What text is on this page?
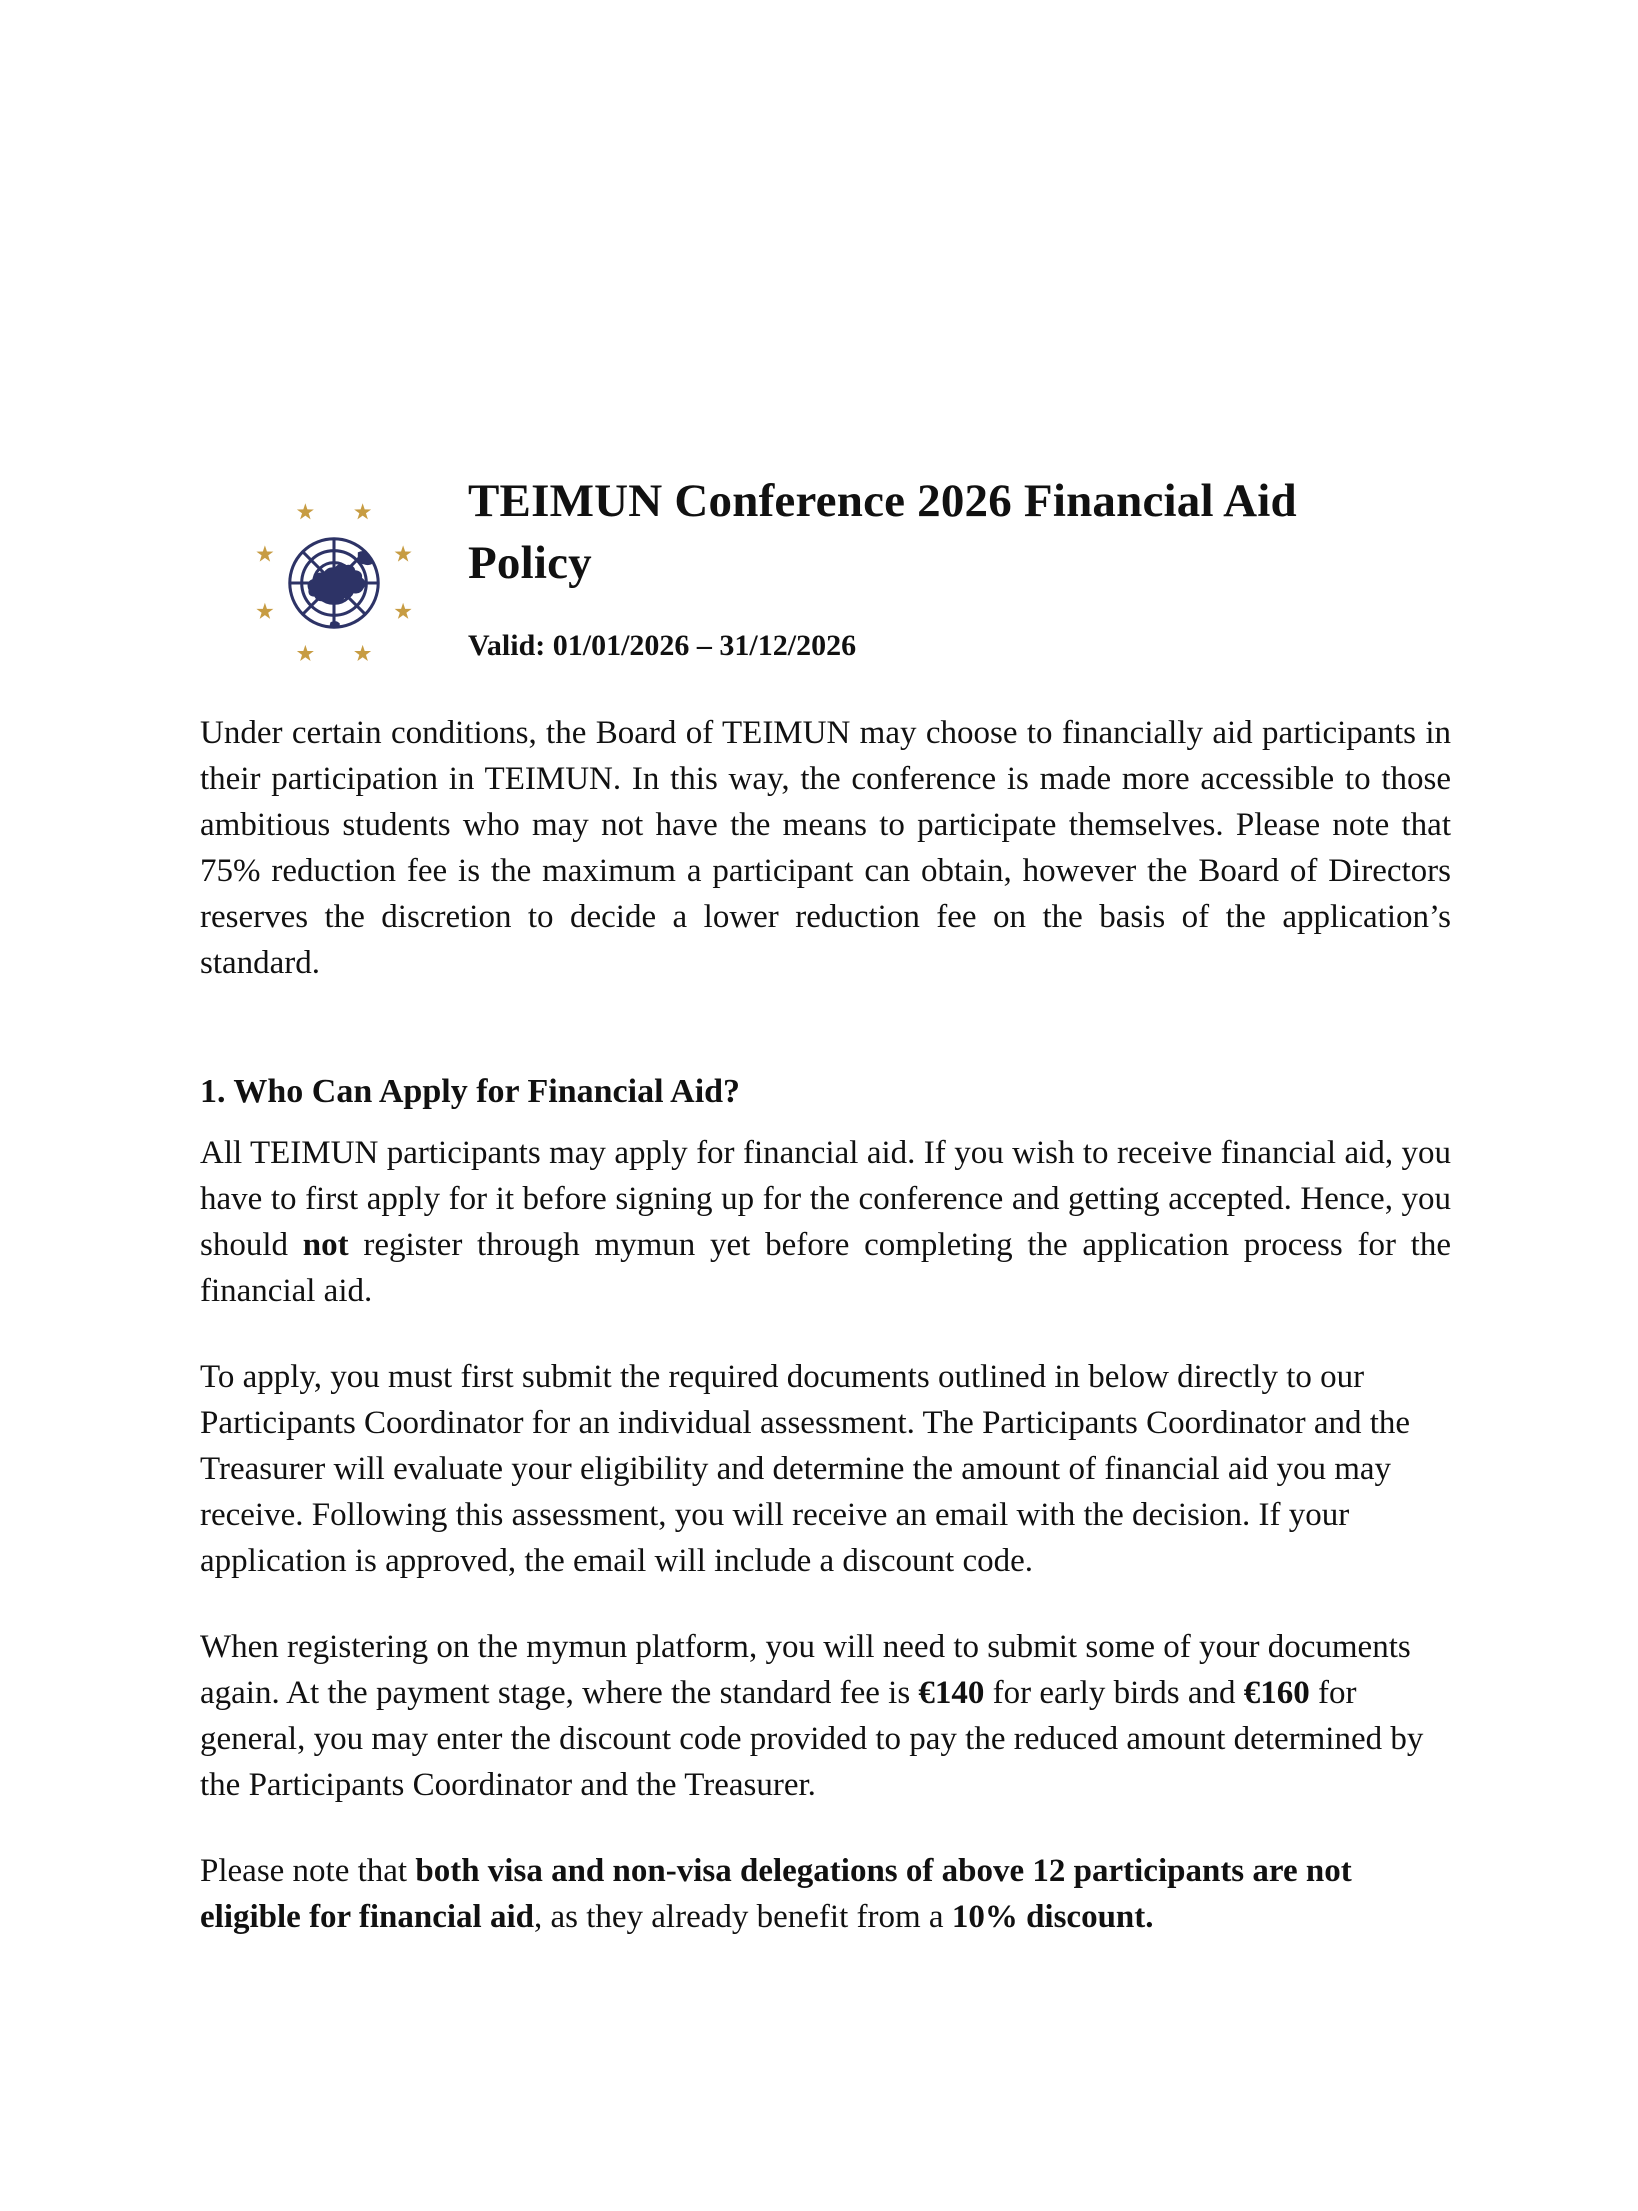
TEIMUN Conference 2026 Financial Aid Policy

Valid: 01/01/2026 – 31/12/2026

Under certain conditions, the Board of TEIMUN may choose to financially aid participants in their participation in TEIMUN. In this way, the conference is made more accessible to those ambitious students who may not have the means to participate themselves. Please note that 75% reduction fee is the maximum a participant can obtain, however the Board of Directors reserves the discretion to decide a lower reduction fee on the basis of the application’s standard.

1. Who Can Apply for Financial Aid?

All TEIMUN participants may apply for financial aid. If you wish to receive financial aid, you have to first apply for it before signing up for the conference and getting accepted. Hence, you should not register through mymun yet before completing the application process for the financial aid.

To apply, you must first submit the required documents outlined in below directly to our Participants Coordinator for an individual assessment. The Participants Coordinator and the Treasurer will evaluate your eligibility and determine the amount of financial aid you may receive. Following this assessment, you will receive an email with the decision. If your application is approved, the email will include a discount code.

When registering on the mymun platform, you will need to submit some of your documents again. At the payment stage, where the standard fee is €140 for early birds and €160 for general, you may enter the discount code provided to pay the reduced amount determined by the Participants Coordinator and the Treasurer.

Please note that both visa and non-visa delegations of above 12 participants are not eligible for financial aid, as they already benefit from a 10% discount.
